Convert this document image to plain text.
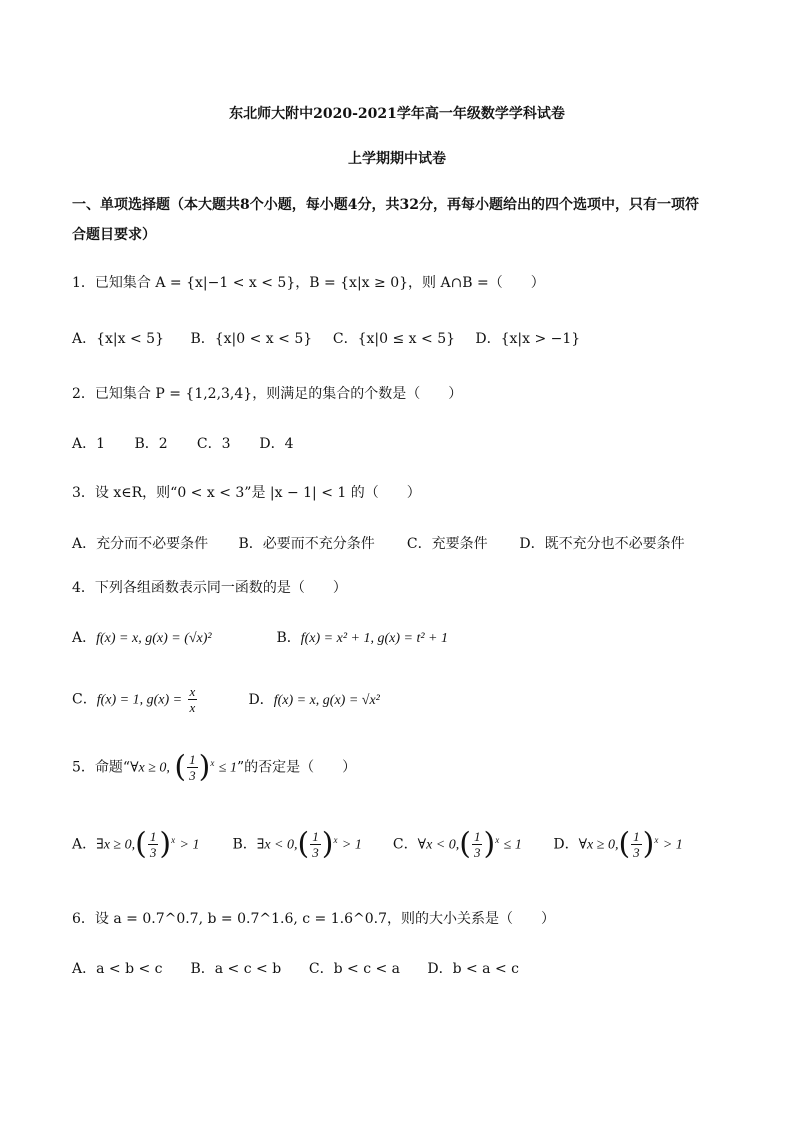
东北师大附中2020-2021学年高一年级数学学科试卷
上学期期中试卷
一、单项选择题（本大题共8个小题，每小题4分，共32分，再每小题给出的四个选项中，只有一项符
合题目要求）
1．已知集合 A = {x|−1 < x < 5}，B = {x|x ≥ 0}，则 A∩B =（　　）
A．{x|x < 5} B．{x|0 < x < 5} C．{x|0 ≤ x < 5} D．{x|x > −1}
2．已知集合 P = {1,2,3,4}，则满足的集合的个数是（　　）
A．1 B．2 C．3 D．4
3．设 x∈R，则“0 < x < 3”是 |x − 1| < 1 的（　　）
A．充分而不必要条件 B．必要而不充分条件 C．充要条件 D．既不充分也不必要条件
4．下列各组函数表示同一函数的是（　　）
A．f(x) = x, g(x) = (√x)²	B．f(x) = x² + 1, g(x) = t² + 1
C．f(x) = 1, $g(x) = \frac{x}{x}$	D．f(x) = x, g(x) = √x²
5．命题“∀x ≥ 0, ( $\frac{1}{3} )^x \le 1$”的否定是（　　）
A．∃x ≥ $0,( \frac{1}{3} )^x > 1$ B．∃x < $0,( \frac{1}{3} )^x > 1$ C．∀x < $0,( \frac{1}{3} )^x \le 1$ D．∀x ≥ $0,( \frac{1}{3} )^x > 1$
6．设 a = 0.7^0.7, b = 0.7^1.6, c = 1.6^0.7，则的大小关系是（　　）
A．a < b < c B．a < c < b C．b < c < a D．b < a < c
